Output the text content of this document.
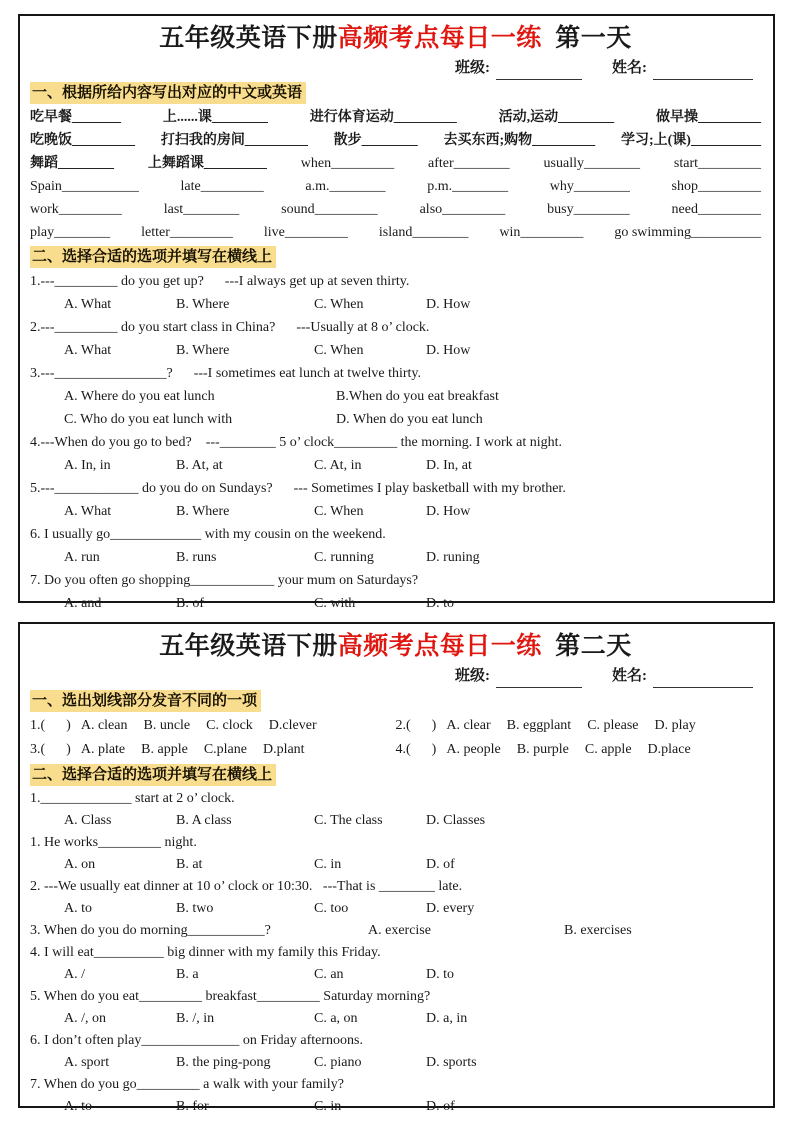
五年级英语下册高频考点每日一练  第一天
班级:	姓名:
一、根据所给内容写出对应的中文或英语
吃早餐_______	上......课________	进行体育运动_________	活动,运动________	做早操_________
吃晚饭_________ 打扫我的房间_________ 散步________ 去买东西;购物_________ 学习;上(课)__________
舞蹈________ 上舞蹈课_________ when_________ after________ usually________ start_________
Spain___________	late_________	a.m.________	p.m.________	why________	shop_________
work_________	last________	sound_________	also_________	busy________	need_________
play________ letter_________ live_________ island________ win_________ go swimming__________
二、选择合适的选项并填写在横线上
1.---_________ do you get up?      ---I always get up at seven thirty.
A. What	B. Where	C. When	D. How
2.---_________ do you start class in China?      ---Usually at 8 o’ clock.
A. What	B. Where	C. When	D. How
3.---________________?      ---I sometimes eat lunch at twelve thirty.
A. Where do you eat lunch	B.When do you eat breakfast
C. Who do you eat lunch with	D. When do you eat lunch
4.---When do you go to bed?    ---________ 5 o’ clock_________ the morning. I work at night.
A. In, in	B. At, at	C. At, in	D. In, at
5.---____________ do you do on Sundays?      --- Sometimes I play basketball with my brother.
A. What	B. Where	C. When	D. How
6. I usually go_____________ with my cousin on the weekend.
A. run	B. runs	C. running	D. runing
7. Do you often go shopping____________ your mum on Saturdays?
A. and	B. of	C. with	D. to
五年级英语下册高频考点每日一练  第二天
班级:	姓名:
一、选出划线部分发音不同的一项
1.(      ) A. clean	B. uncle	C. clock	D.clever	2.(      ) A. clear	B. eggplant	C. please	D. play
3.(      ) A. plate	B. apple	C.plane	D.plant	4.(      ) A. people	B. purple	C. apple	D.place
二、选择合适的选项并填写在横线上
1._____________ start at 2 o’ clock.
A. Class	B. A class	C. The class	D. Classes
1. He works_________ night.
A. on	B. at	C. in	D. of
2. ---We usually eat dinner at 10 o’ clock or 10:30.   ---That is ________ late.
A. to	B. two	C. too	D. every
3. When do you do morning___________?	A. exercise	B. exercises
4. I will eat__________ big dinner with my family this Friday.
A. /	B. a	C. an	D. to
5. When do you eat_________ breakfast_________ Saturday morning?
A. /, on	B. /, in	C. a, on	D. a, in
6. I don’t often play______________ on Friday afternoons.
A. sport	B. the ping-pong	C. piano	D. sports
7. When do you go_________ a walk with your family?
A. to	B. for	C. in	D. of
